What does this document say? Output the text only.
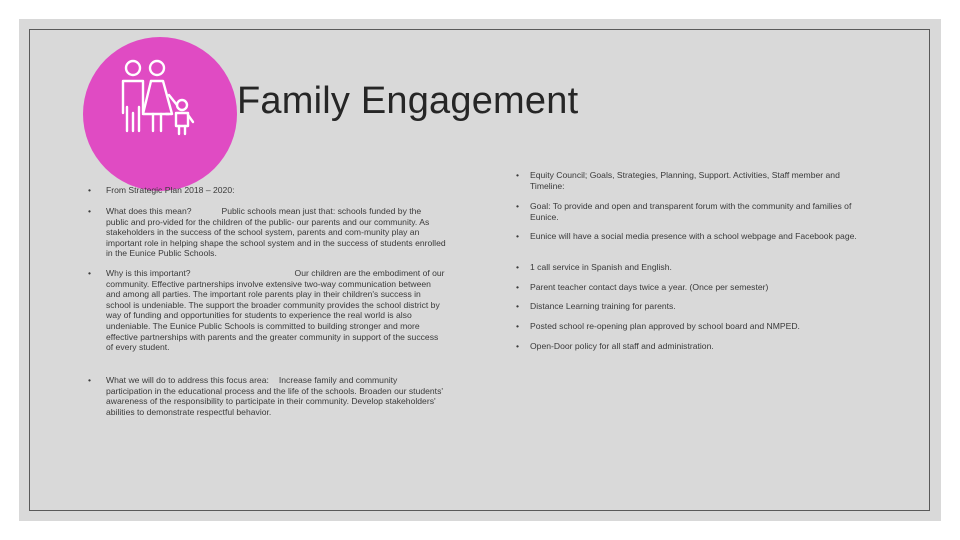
Family Engagement
• From Strategic Plan 2018 – 2020:
• What does this mean?	Public schools mean just that: schools funded by the public and pro-vided for the children of the public- our parents and our community. As stakeholders in the success of the school system, parents and com-munity play an important role in helping shape the school system and in the success of students enrolled in the Eunice Public Schools.
• Why is this important?	Our children are the embodiment of our community. Effective partnerships involve extensive two-way communication between and among all parties. The important role parents play in their children's success in school is undeniable. The support the broader community provides the school district by way of funding and opportunities for students to experience the real world is also undeniable. The Eunice Public Schools is committed to building stronger and more effective partnerships with parents and the greater community in support of the success of every student.
• What we will do to address this focus area: Increase family and community participation in the educational process and the life of the schools. Broaden our students' awareness of the responsibility to participate in their community. Develop stakeholders' abilities to demonstrate respectful behavior.
• Equity Council; Goals, Strategies, Planning, Support. Activities, Staff member and Timeline:
• Goal: To provide and open and transparent forum with the community and families of Eunice.
• Eunice will have a social media presence with a school webpage and Facebook page.
• 1 call service in Spanish and English.
• Parent teacher contact days twice a year. (Once per semester)
• Distance Learning training for parents.
• Posted school re-opening plan approved by school board and NMPED.
• Open-Door policy for all staff and administration.
